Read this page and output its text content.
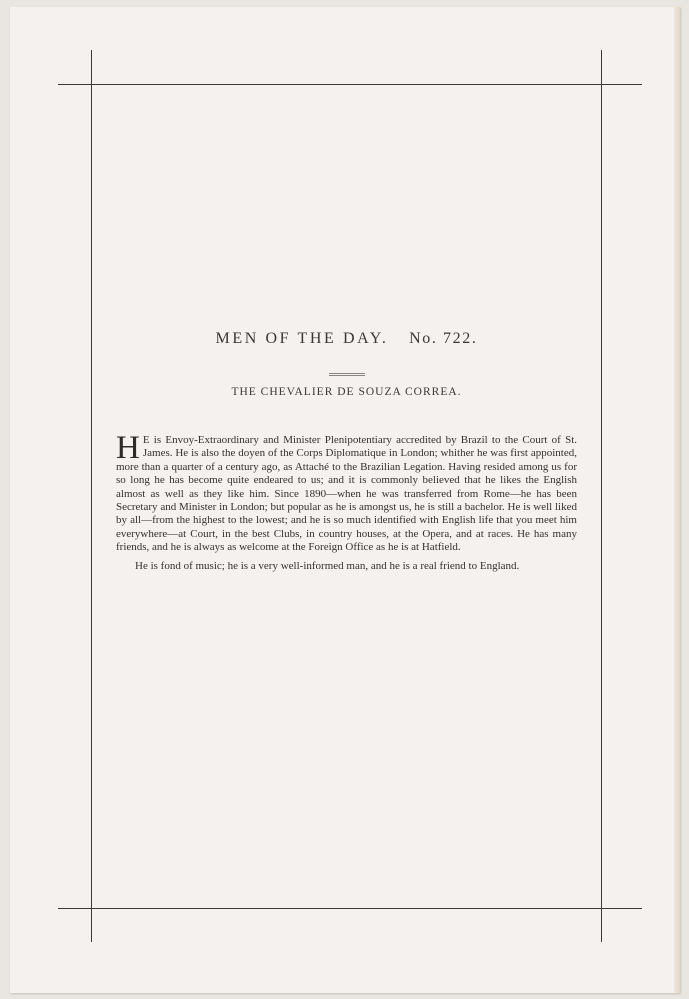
MEN OF THE DAY. No. 722.
THE CHEVALIER DE SOUZA CORREA.

H E is Envoy-Extraordinary and Minister Plenipotentiary accredited by Brazil to the Court of St. James. He is also the doyen of the Corps Diplomatique in London; whither he was first appointed, more than a quarter of a century ago, as Attaché to the Brazilian Legation. Having resided among us for so long he has become quite endeared to us; and it is commonly believed that he likes the English almost as well as they like him. Since 1890—when he was transferred from Rome—he has been Secretary and Minister in London; but popular as he is amongst us, he is still a bachelor. He is well liked by all—from the highest to the lowest; and he is so much identified with English life that you meet him everywhere—at Court, in the best Clubs, in country houses, at the Opera, and at races. He has many friends, and he is always as welcome at the Foreign Office as he is at Hatfield.

He is fond of music; he is a very well-informed man, and he is a real friend to England.
